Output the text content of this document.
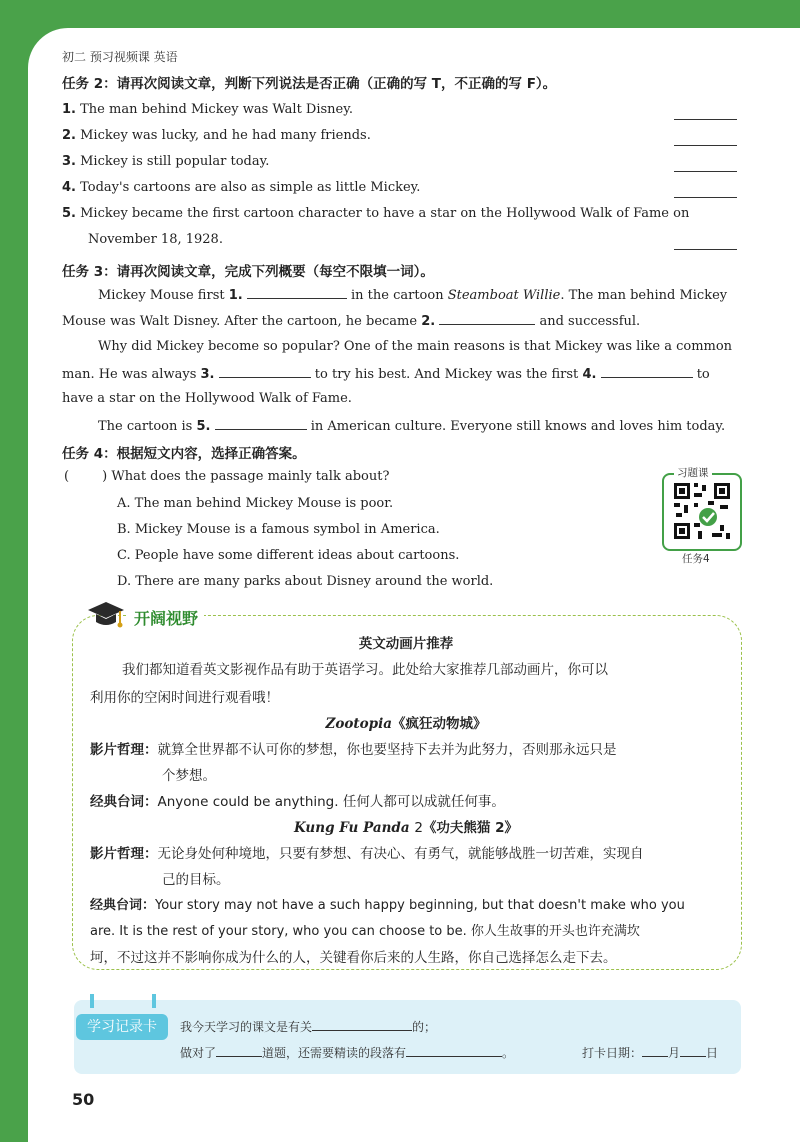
初二 预习视频课 英语
任务 2：请再次阅读文章，判断下列说法是否正确（正确的写 T，不正确的写 F）。
1. The man behind Mickey was Walt Disney.
2. Mickey was lucky, and he had many friends.
3. Mickey is still popular today.
4. Today's cartoons are also as simple as little Mickey.
5. Mickey became the first cartoon character to have a star on the Hollywood Walk of Fame on
November 18, 1928.
任务 3：请再次阅读文章，完成下列概要（每空不限填一词）。
Mickey Mouse first 1.	in the cartoon Steamboat Willie. The man behind Mickey
Mouse was Walt Disney. After the cartoon, he became 2.	and successful.
Why did Mickey become so popular? One of the main reasons is that Mickey was like a common
man. He was always 3.	to try his best. And Mickey was the first 4.	to
have a star on the Hollywood Walk of Fame.
The cartoon is 5.	in American culture. Everyone still knows and loves him today.
任务 4：根据短文内容，选择正确答案。
(        ) What does the passage mainly talk about?
A. The man behind Mickey Mouse is poor.
B. Mickey Mouse is a famous symbol in America.
C. People have some different ideas about cartoons.
D. There are many parks about Disney around the world.
习题课
任务4
开阔视野
英文动画片推荐
我们都知道看英文影视作品有助于英语学习。此处给大家推荐几部动画片，你可以
利用你的空闲时间进行观看哦！
Zootopia《疯狂动物城》
影片哲理：就算全世界都不认可你的梦想，你也要坚持下去并为此努力，否则那永远只是
个梦想。
经典台词：Anyone could be anything. 任何人都可以成就任何事。
Kung Fu Panda 2《功夫熊猫 2》
影片哲理：无论身处何种境地，只要有梦想、有决心、有勇气，就能够战胜一切苦难，实现自
己的目标。
经典台词：Your story may not have a such happy beginning, but that doesn't make who you
are. It is the rest of your story, who you can choose to be. 你人生故事的开头也许充满坎
坷，不过这并不影响你成为什么的人，关键看你后来的人生路，你自己选择怎么走下去。
学习记录卡	我今天学习的课文是有关	的；
做对了	道题，还需要精读的段落有	。	打卡日期： 月 日
50
